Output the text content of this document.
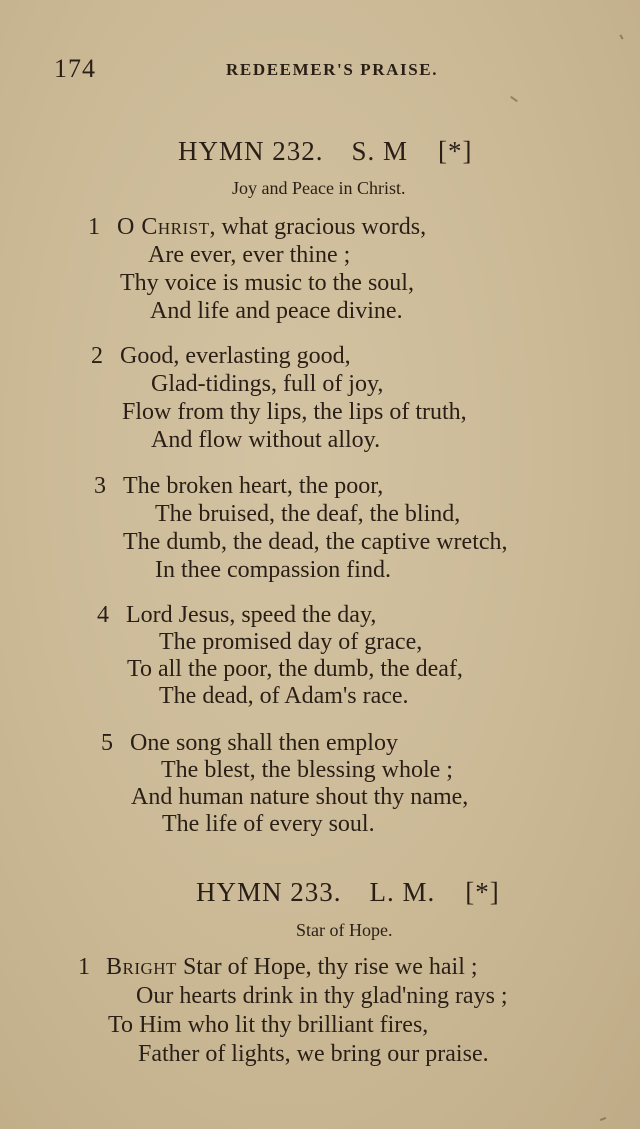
174	REDEEMER'S PRAISE.
HYMN 232. S. M [*]
Joy and Peace in Christ.
1 O Christ, what gracious words,
Are ever, ever thine ;
Thy voice is music to the soul,
And life and peace divine.
2 Good, everlasting good,
Glad-tidings, full of joy,
Flow from thy lips, the lips of truth,
And flow without alloy.
3 The broken heart, the poor,
The bruised, the deaf, the blind,
The dumb, the dead, the captive wretch,
In thee compassion find.
4 Lord Jesus, speed the day,
The promised day of grace,
To all the poor, the dumb, the deaf,
The dead, of Adam's race.
5 One song shall then employ
The blest, the blessing whole ;
And human nature shout thy name,
The life of every soul.
HYMN 233. L. M. [*]
Star of Hope.
1 Bright Star of Hope, thy rise we hail ;
Our hearts drink in thy glad'ning rays ;
To Him who lit thy brilliant fires,
Father of lights, we bring our praise.
